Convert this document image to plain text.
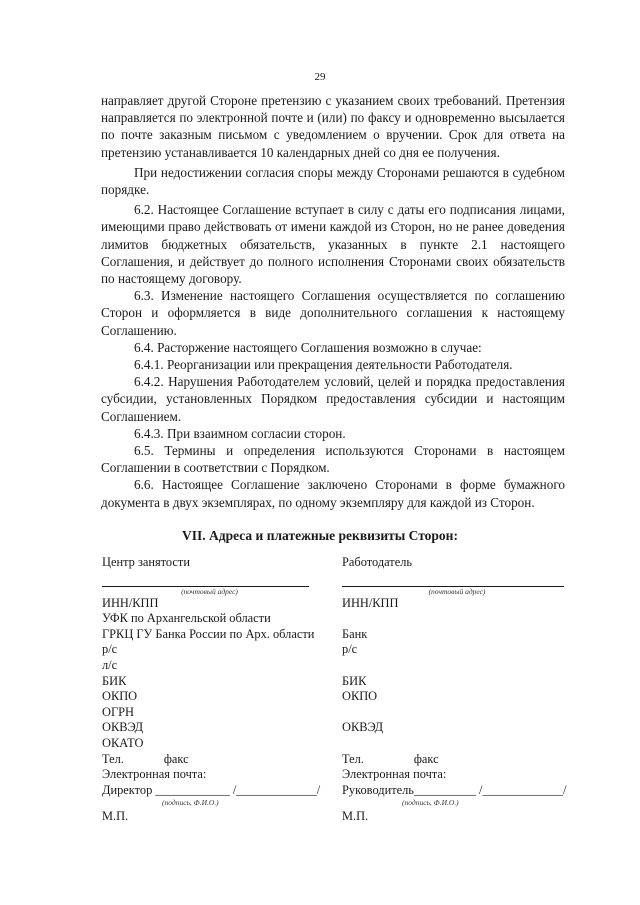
29

направляет другой Стороне претензию с указанием своих требований. Претензия направляется по электронной почте и (или) по факсу и одновременно высылается по почте заказным письмом с уведомлением о вручении. Срок для ответа на претензию устанавливается 10 календарных дней со дня ее получения.

При недостижении согласия споры между Сторонами решаются в судебном порядке.

6.2. Настоящее Соглашение вступает в силу с даты его подписания лицами, имеющими право действовать от имени каждой из Сторон, но не ранее доведения лимитов бюджетных обязательств, указанных в пункте 2.1 настоящего Соглашения, и действует до полного исполнения Сторонами своих обязательств по настоящему договору.

6.3. Изменение настоящего Соглашения осуществляется по соглашению Сторон и оформляется в виде дополнительного соглашения к настоящему Соглашению.

6.4. Расторжение настоящего Соглашения возможно в случае:

6.4.1. Реорганизации или прекращения деятельности Работодателя.

6.4.2. Нарушения Работодателем условий, целей и порядка предоставления субсидии, установленных Порядком предоставления субсидии и настоящим Соглашением.

6.4.3. При взаимном согласии сторон.

6.5. Термины и определения используются Сторонами в настоящем Соглашении в соответствии с Порядком.

6.6. Настоящее Соглашение заключено Сторонами в форме бумажного документа в двух экземплярах, по одному экземпляру для каждой из Сторон.

VII. Адреса и платежные реквизиты Сторон:
Центр занятости
(почтовый адрес)
ИНН/КПП
УФК по Архангельской области
ГРКЦ ГУ Банка России по Арх. области
р/с
л/с
БИК
ОКПО
ОГРН
ОКВЭД
ОКАТО
Тел.	факс
Электронная почта:
Директор ____________ /_____________/
(подпись, Ф.И.О.)
М.П.
Работодатель
(почтовый адрес)
ИНН/КПП
Банк
р/с
БИК
ОКПО
ОКВЭД
Тел.	факс
Электронная почта:
Руководитель__________ /_____________/
(подпись, Ф.И.О.)
М.П.
